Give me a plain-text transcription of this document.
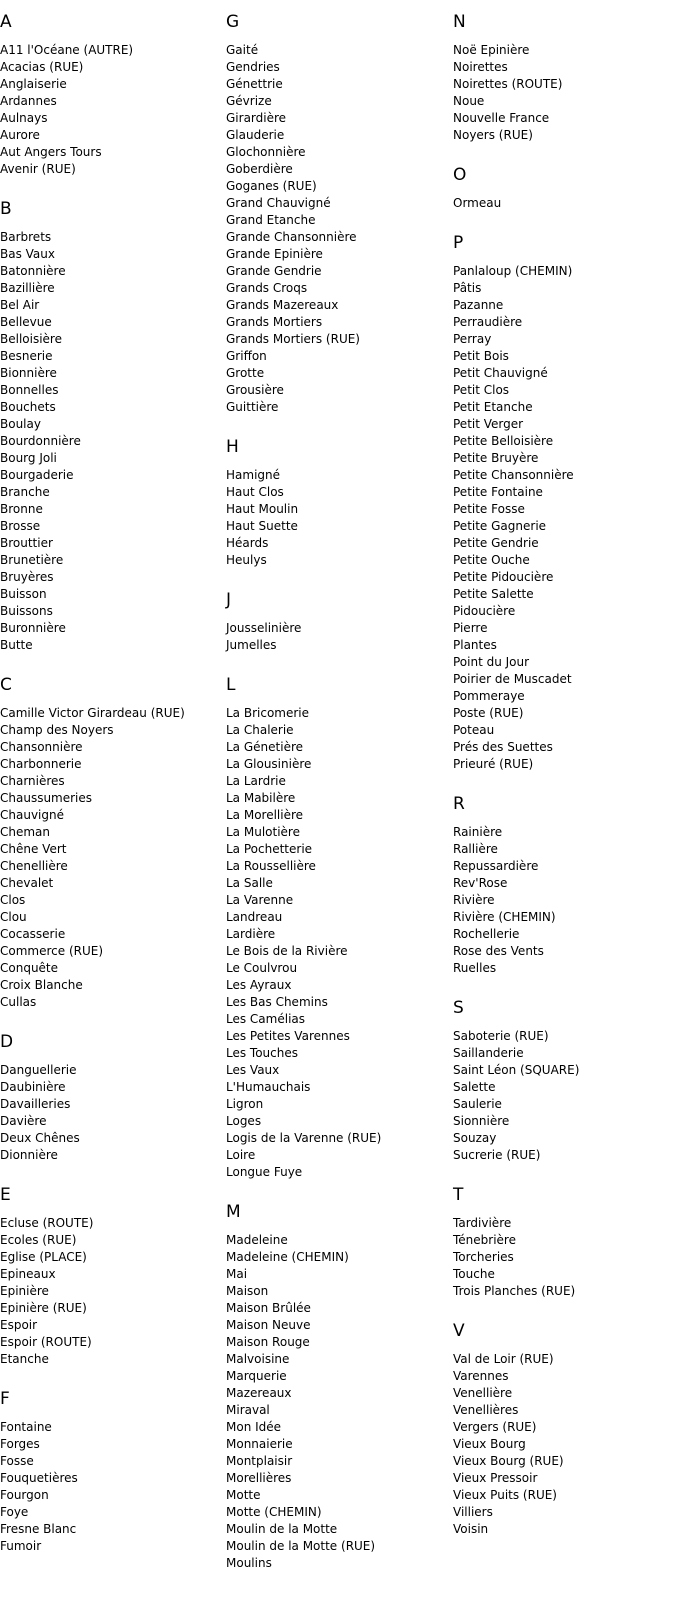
A
A11 l'Océane (AUTRE)
Acacias (RUE)
Anglaiserie
Ardannes
Aulnays
Aurore
Aut Angers Tours
Avenir (RUE)
B
Barbrets
Bas Vaux
Batonnière
Bazillière
Bel Air
Bellevue
Belloisière
Besnerie
Bionnière
Bonnelles
Bouchets
Boulay
Bourdonnière
Bourg Joli
Bourgaderie
Branche
Bronne
Brosse
Brouttier
Brunetière
Bruyères
Buisson
Buissons
Buronnière
Butte
C
Camille Victor Girardeau (RUE)
Champ des Noyers
Chansonnière
Charbonnerie
Charnières
Chaussumeries
Chauvigné
Cheman
Chêne Vert
Chenellière
Chevalet
Clos
Clou
Cocasserie
Commerce (RUE)
Conquête
Croix Blanche
Cullas
D
Danguellerie
Daubinière
Davailleries
Davière
Deux Chênes
Dionnière
E
Ecluse (ROUTE)
Ecoles (RUE)
Eglise (PLACE)
Epineaux
Epinière
Epinière (RUE)
Espoir
Espoir (ROUTE)
Etanche
F
Fontaine
Forges
Fosse
Fouquetières
Fourgon
Foye
Fresne Blanc
Fumoir
G
Gaité
Gendries
Génettrie
Gévrize
Girardière
Glauderie
Glochonnière
Goberdière
Goganes (RUE)
Grand Chauvigné
Grand Etanche
Grande Chansonnière
Grande Epinière
Grande Gendrie
Grands Croqs
Grands Mazereaux
Grands Mortiers
Grands Mortiers (RUE)
Griffon
Grotte
Grousière
Guittière
H
Hamigné
Haut Clos
Haut Moulin
Haut Suette
Héards
Heulys
J
Jousselinière
Jumelles
L
La Bricomerie
La Chalerie
La Génetière
La Glousinière
La Lardrie
La Mabilère
La Morellière
La Mulotière
La Pochetterie
La Roussellière
La Salle
La Varenne
Landreau
Lardière
Le Bois de la Rivière
Le Coulvrou
Les Ayraux
Les Bas Chemins
Les Camélias
Les Petites Varennes
Les Touches
Les Vaux
L'Humauchais
Ligron
Loges
Logis de la Varenne (RUE)
Loire
Longue Fuye
M
Madeleine
Madeleine (CHEMIN)
Mai
Maison
Maison Brûlée
Maison Neuve
Maison Rouge
Malvoisine
Marquerie
Mazereaux
Miraval
Mon Idée
Monnaierie
Montplaisir
Morellières
Motte
Motte (CHEMIN)
Moulin de la Motte
Moulin de la Motte (RUE)
Moulins
N
Noë Epinière
Noirettes
Noirettes (ROUTE)
Noue
Nouvelle France
Noyers (RUE)
O
Ormeau
P
Panlaloup (CHEMIN)
Pâtis
Pazanne
Perraudière
Perray
Petit Bois
Petit Chauvigné
Petit Clos
Petit Etanche
Petit Verger
Petite Belloisière
Petite Bruyère
Petite Chansonnière
Petite Fontaine
Petite Fosse
Petite Gagnerie
Petite Gendrie
Petite Ouche
Petite Pidoucière
Petite Salette
Pidoucière
Pierre
Plantes
Point du Jour
Poirier de Muscadet
Pommeraye
Poste (RUE)
Poteau
Prés des Suettes
Prieuré (RUE)
R
Rainière
Rallière
Repussardière
Rev'Rose
Rivière
Rivière (CHEMIN)
Rochellerie
Rose des Vents
Ruelles
S
Saboterie (RUE)
Saillanderie
Saint Léon (SQUARE)
Salette
Saulerie
Sionnière
Souzay
Sucrerie (RUE)
T
Tardivière
Ténebrière
Torcheries
Touche
Trois Planches (RUE)
V
Val de Loir (RUE)
Varennes
Venellière
Venellières
Vergers (RUE)
Vieux Bourg
Vieux Bourg (RUE)
Vieux Pressoir
Vieux Puits (RUE)
Villiers
Voisin
